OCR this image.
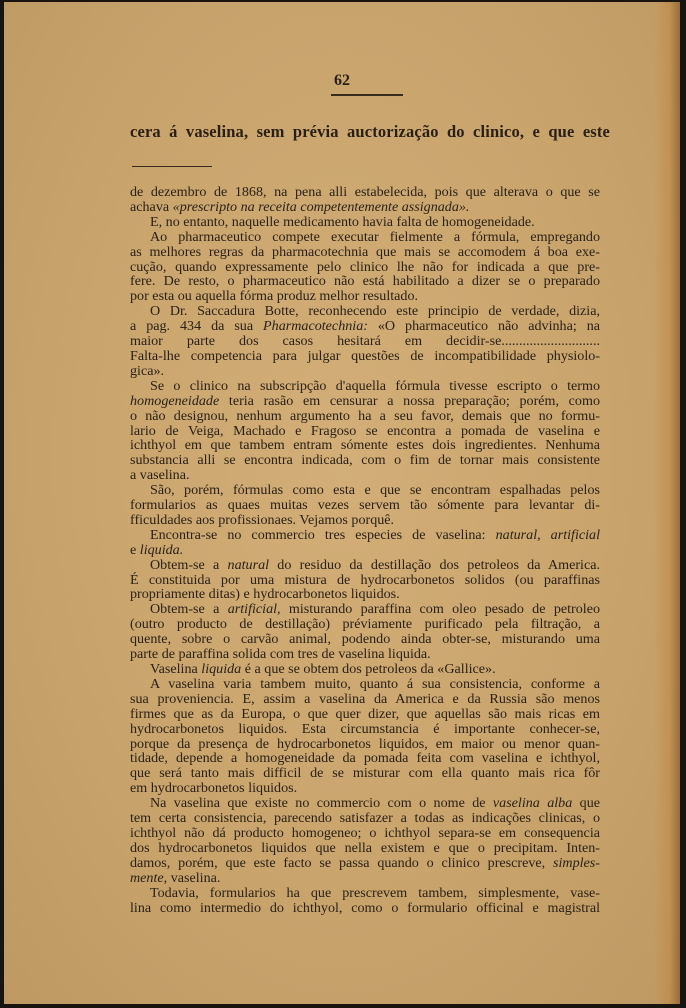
62
cera á vaselina, sem prévia auctorização do clinico, e que este

de dezembro de 1868, na pena alli estabelecida, pois que alterava o que se
achava «prescripto na receita competentemente assignada».

E, no entanto, naquelle medicamento havia falta de homogeneidade.

Ao pharmaceutico compete executar fielmente a fórmula, empregando
as melhores regras da pharmacotechnia que mais se accomodem á boa exe-
cução, quando expressamente pelo clinico lhe não for indicada a que pre-
fere. De resto, o pharmaceutico não está habilitado a dizer se o preparado
por esta ou aquella fórma produz melhor resultado.

O Dr. Saccadura Botte, reconhecendo este principio de verdade, dizia,
a pag. 434 da sua Pharmacotechnia: «O pharmaceutico não advinha; na
maior parte dos casos hesitará em decidir-se............................
Falta-lhe competencia para julgar questões de incompatibilidade physiolo-
gica».

Se o clinico na subscripção d'aquella fórmula tivesse escripto o termo
homogeneidade teria rasão em censurar a nossa preparação; porém, como
o não designou, nenhum argumento ha a seu favor, demais que no formu-
lario de Veiga, Machado e Fragoso se encontra a pomada de vaselina e
ichthyol em que tambem entram sómente estes dois ingredientes. Nenhuma
substancia alli se encontra indicada, com o fim de tornar mais consistente
a vaselina.

São, porém, fórmulas como esta e que se encontram espalhadas pelos
formularios as quaes muitas vezes servem tão sómente para levantar di-
fficuldades aos profissionaes. Vejamos porquê.

Encontra-se no commercio tres especies de vaselina: natural, artificial
e liquida.

Obtem-se a natural do residuo da destillação dos petroleos da America.
É constituida por uma mistura de hydrocarbonetos solidos (ou paraffinas
propriamente ditas) e hydrocarbonetos liquidos.

Obtem-se a artificial, misturando paraffina com oleo pesado de petroleo
(outro producto de destillação) préviamente purificado pela filtração, a
quente, sobre o carvão animal, podendo ainda obter-se, misturando uma
parte de paraffina solida com tres de vaselina liquida.

Vaselina liquida é a que se obtem dos petroleos da «Gallice».

A vaselina varia tambem muito, quanto á sua consistencia, conforme a
sua proveniencia. E, assim a vaselina da America e da Russia são menos
firmes que as da Europa, o que quer dizer, que aquellas são mais ricas em
hydrocarbonetos liquidos. Esta circumstancia é importante conhecer-se,
porque da presença de hydrocarbonetos liquidos, em maior ou menor quan-
tidade, depende a homogeneidade da pomada feita com vaselina e ichthyol,
que será tanto mais difficil de se misturar com ella quanto mais rica fôr
em hydrocarbonetos liquidos.

Na vaselina que existe no commercio com o nome de vaselina alba que
tem certa consistencia, parecendo satisfazer a todas as indicações clinicas, o
ichthyol não dá producto homogeneo; o ichthyol separa-se em consequencia
dos hydrocarbonetos liquidos que nella existem e que o precipitam. Inten-
damos, porém, que este facto se passa quando o clinico prescreve, simples-
mente, vaselina.

Todavia, formularios ha que prescrevem tambem, simplesmente, vase-
lina como intermedio do ichthyol, como o formulario officinal e magistral
